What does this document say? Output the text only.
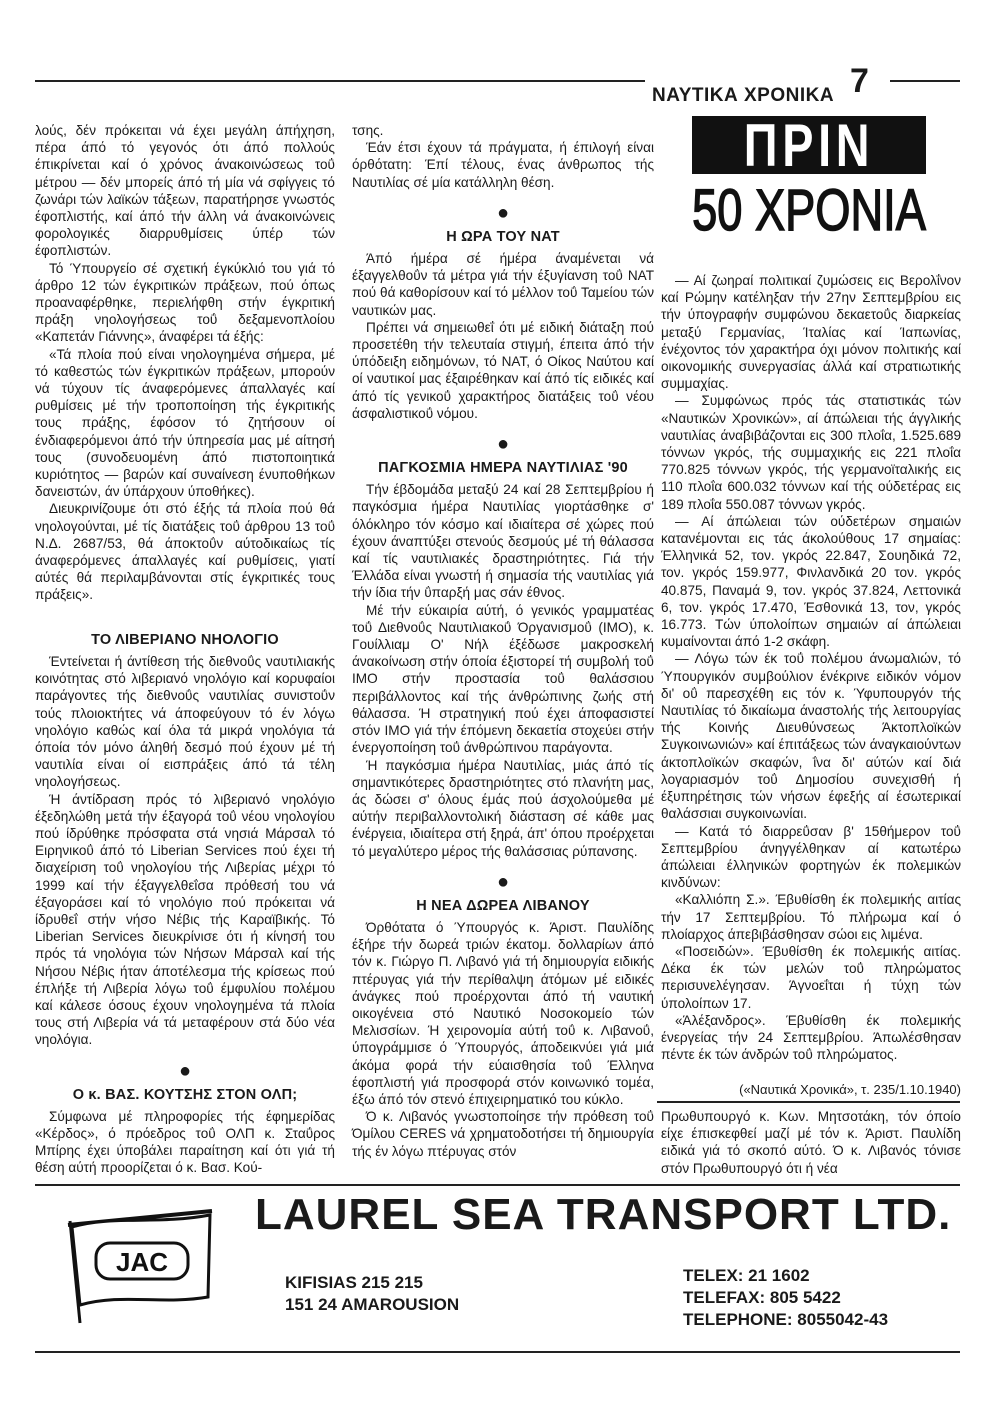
ΝΑΥΤΙΚΑ ΧΡΟΝΙΚΑ 7

λούς, δέν πρόκειται νά έχει μεγάλη άπήχηση, πέρα άπό τό γεγονός ότι άπό πολλούς έπικρίνεται καί ό χρόνος άνακοινώσεως τοΰ μέτρου — δέν μπορείς άπό τή μία νά σφίγγεις τό ζωνάρι τών λαϊκών τάξεων, παρατήρησε γνωστός έφοπλιστής, καί άπό τήν άλλη νά άνακοινώνεις φορολογικές διαρρυθμίσεις ύπέρ τών έφοπλιστών.

Τό Ύπουργείο σέ σχετική έγκύκλιό του γιά τό άρθρο 12 τών έγκριτικών πράξεων, πού όπως προαναφέρθηκε, περιελήφθη στήν έγκριτική πράξη νηολογήσεως τοΰ δεξαμενοπλοίου «Καπετάν Γιάννης», άναφέρει τά έξής:

«Τά πλοία πού είναι νηολογημένα σήμερα, μέ τό καθεστώς τών έγκριτικών πράξεων, μπορούν νά τύχουν τίς άναφερόμενες άπαλλαγές καί ρυθμίσεις μέ τήν τροποποίηση τής έγκριτικής τους πράξης, έφόσον τό ζητήσουν οί ένδιαφερόμενοι άπό τήν ύπηρεσία μας μέ αίτησή τους (συνοδευομένη άπό πιστοποιητικά κυριότητος — βαρών καί συναίνεση ένυποθήκων δανειστών, άν ύπάρχουν ύποθήκες).

Διευκρινίζουμε ότι στό έξής τά πλοία πού θά νηολογούνται, μέ τίς διατάξεις τοΰ άρθρου 13 τοΰ Ν.Δ. 2687/53, θά άποκτοΰν αύτοδικαίως τίς άναφερόμενες άπαλλαγές καί ρυθμίσεις, γιατί αύτές θά περιλαμβάνονται στίς έγκριτικές τους πράξεις».

ΤΟ ΛΙΒΕΡΙΑΝΟ ΝΗΟΛΟΓΙΟ

Έντείνεται ή άντίθεση τής διεθνοΰς ναυτιλιακής κοινότητας στό λιβεριανό νηολόγιο καί κορυφαίοι παράγοντες τής διεθνοΰς ναυτιλίας συνιστοΰν τούς πλοιοκτήτες νά άποφεύγουν τό έν λόγω νηολόγιο καθώς καί όλα τά μικρά νηολόγια τά όποία τόν μόνο άληθή δεσμό πού έχουν μέ τή ναυτιλία είναι οί εισπράξεις άπό τά τέλη νηολογήσεως.

Ή άντίδραση πρός τό λιβεριανό νηολόγιο έξεδηλώθη μετά τήν έξαγορά τοΰ νέου νηολογίου πού ίδρύθηκε πρόσφατα στά νησιά Μάρσαλ τό Ειρηνικοΰ άπό τό Liberian Services πού έχει τή διαχείριση τοΰ νηολογίου τής Λιβερίας μέχρι τό 1999 καί τήν έξαγγελθεΐσα πρόθεσή του νά έξαγοράσει καί τό νηολόγιο πού πρόκειται νά ίδρυθεΐ στήν νήσο Νέβις τής Καραϊβικής. Τό Liberian Services διευκρίνισε ότι ή κίνησή του πρός τά νηολόγια τών Νήσων Μάρσαλ καί τής Νήσου Νέβις ήταν άποτέλεσμα τής κρίσεως πού έπλήξε τή Λιβερία λόγω τοΰ έμφυλίου πολέμου καί κάλεσε όσους έχουν νηολογημένα τά πλοία τους στή Λιβερία νά τά μεταφέρουν στά δύο νέα νηολόγια.

●
Ο κ. ΒΑΣ. ΚΟΥΤΣΗΣ ΣΤΟΝ ΟΛΠ;

Σύμφωνα μέ πληροφορίες τής έφημερίδας «Κέρδος», ό πρόεδρος τοΰ ΟΛΠ κ. Σταΰρος Μπίρης έχει ύποβάλει παραίτηση καί ότι γιά τή θέση αύτή προορίζεται ό κ. Βασ. Κού-

τσης.

Έάν έτσι έχουν τά πράγματα, ή έπιλογή είναι όρθότατη: Έπί τέλους, ένας άνθρωπος τής Ναυτιλίας σέ μία κατάλληλη θέση.

●
Η ΩΡΑ ΤΟΥ ΝΑΤ

Άπό ήμέρα σέ ήμέρα άναμένεται νά έξαγγελθοΰν τά μέτρα γιά τήν έξυγίανση τοΰ ΝΑΤ πού θά καθορίσουν καί τό μέλλον τοΰ Ταμείου τών ναυτικών μας.

Πρέπει νά σημειωθεΐ ότι μέ ειδική διάταξη πού προσετέθη τήν τελευταία στιγμή, έπειτα άπό τήν ύπόδειξη ειδημόνων, τό ΝΑΤ, ό Οίκος Ναύτου καί οί ναυτικοί μας έξαιρέθηκαν καί άπό τίς ειδικές καί άπό τίς γενικοΰ χαρακτήρος διατάξεις τοΰ νέου άσφαλιστικοΰ νόμου.

●
ΠΑΓΚΟΣΜΙΑ ΗΜΕΡΑ ΝΑΥΤΙΛΙΑΣ '90

Τήν έβδομάδα μεταξύ 24 καί 28 Σεπτεμβρίου ή παγκόσμια ήμέρα Ναυτιλίας γιορτάσθηκε σ' όλόκληρο τόν κόσμο καί ιδιαίτερα σέ χώρες πού έχουν άναπτύξει στενούς δεσμούς μέ τή θάλασσα καί τίς ναυτιλιακές δραστηριότητες. Γιά τήν Έλλάδα είναι γνωστή ή σημασία τής ναυτιλίας γιά τήν ίδια τήν ΰπαρξή μας σάν έθνος.

Μέ τήν εύκαιρία αύτή, ό γενικός γραμματέας τοΰ Διεθνοΰς Ναυτιλιακοΰ Όργανισμοΰ (ΙΜΟ), κ. Γουίλλιαμ Ο' Νήλ έξέδωσε μακροσκελή άνακοίνωση στήν όποία έξιστορεί τή συμβολή τοΰ ΙΜΟ στήν προστασία τοΰ θαλάσσιου περιβάλλοντος καί τής άνθρώπινης ζωής στή θάλασσα. Ή στρατηγική πού έχει άποφασιστεί στόν ΙΜΟ γιά τήν έπόμενη δεκαετία στοχεύει στήν ένεργοποίηση τοΰ άνθρώπινου παράγοντα.

Ή παγκόσμια ήμέρα Ναυτιλίας, μιάς άπό τίς σημαντικότερες δραστηριότητες στό πλανήτη μας, άς δώσει σ' όλους έμάς πού άσχολούμεθα μέ αύτήν περιβαλλοντολική διάσταση σέ κάθε μας ένέργεια, ιδιαίτερα στή ξηρά, άπ' όπου προέρχεται τό μεγαλύτερο μέρος τής θαλάσσιας ρύπανσης.

●
Η ΝΕΑ ΔΩΡΕΑ ΛΙΒΑΝΟΥ

Όρθότατα ό Ύπουργός κ. Άριστ. Παυλίδης έξήρε τήν δωρεά τριών έκατομ. δολλαρίων άπό τόν κ. Γιώργο Π. Λιβανό γιά τή δημιουργία ειδικής πτέρυγας γιά τήν περίθαλψη άτόμων μέ ειδικές άνάγκες πού προέρχονται άπό τή ναυτική οικογένεια στό Ναυτικό Νοσοκομείο τών Μελισσίων. Ή χειρονομία αύτή τοΰ κ. Λιβανοΰ, ύπογράμμισε ό Ύπουργός, άποδεικνύει γιά μιά άκόμα φορά τήν εύαισθησία τοΰ Έλληνα έφοπλιστή γιά προσφορά στόν κοινωνικό τομέα, έξω άπό τόν στενό έπιχειρηματικό του κύκλο.

Ό κ. Λιβανός γνωστοποίησε τήν πρόθεση τοΰ Όμίλου CERES νά χρηματοδοτήσει τή δημιουργία τής έν λόγω πτέρυγας στόν

ΠΡΙΝ
50 ΧΡΟΝΙΑ

— Αί ζωηραί πολιτικαί ζυμώσεις εις Βερολΐνον καί Ρώμην κατέληξαν τήν 27ην Σεπτεμβρίου εις τήν ύπογραφήν συμφώνου δεκαετοΰς διαρκείας μεταξύ Γερμανίας, Ίταλίας καί Ίαπωνίας, ένέχοντος τόν χαρακτήρα όχι μόνον πολιτικής καί οικονομικής συνεργασίας άλλά καί στρατιωτικής συμμαχίας.

— Συμφώνως πρός τάς στατιστικάς τών «Ναυτικών Χρονικών», αί άπώλειαι τής άγγλικής ναυτιλίας άναβιβάζονται εις 300 πλοΐα, 1.525.689 τόννων γκρός, τής συμμαχικής εις 221 πλοΐα 770.825 τόννων γκρός, τής γερμανοϊταλικής εις 110 πλοΐα 600.032 τόννων καί τής ούδετέρας εις 189 πλοΐα 550.087 τόννων γκρός.

— Αί άπώλειαι τών ούδετέρων σημαιών κατανέμονται εις τάς άκολούθους 17 σημαίας: Έλληνικά 52, τον. γκρός 22.847, Σουηδικά 72, τον. γκρός 159.977, Φινλανδικά 20 τον. γκρός 40.875, Παναμά 9, τον. γκρός 37.824, Λεττονικά 6, τον. γκρός 17.470, Έσθονικά 13, τον, γκρός 16.773. Τών ύπολοίπων σημαιών αί άπώλειαι κυμαίνονται άπό 1-2 σκάφη.

— Λόγω τών έκ τοΰ πολέμου άνωμαλιών, τό Ύπουργικόν συμβούλιον ένέκρινε ειδικόν νόμον δι' οΰ παρεσχέθη εις τόν κ. Ύφυπουργόν τής Ναυτιλίας τό δικαίωμα άναστολής τής λειτουργίας τής Κοινής Διευθύνσεως Άκτοπλοϊκών Συγκοινωνιών» καί έπιτάξεως τών άναγκαιούντων άκτοπλοϊκών σκαφών, ΐνα δι' αύτών καί διά λογαριασμόν τοΰ Δημοσίου συνεχισθή ή έξυπηρέτησις τών νήσων έφεξής αί έσωτερικαί θαλάσσιαι συγκοινωνίαι.

— Κατά τό διαρρεΰσαν β' 15θήμερον τοΰ Σεπτεμβρίου άνηγγέλθηκαν αί κατωτέρω άπώλειαι έλληνικών φορτηγών έκ πολεμικών κινδύνων:

«Καλλιόπη Σ.». Έβυθίσθη έκ πολεμικής αιτίας τήν 17 Σεπτεμβρίου. Τό πλήρωμα καί ό πλοίαρχος άπεβιβάσθησαν σώοι εις λιμένα.

«Ποσειδών». Έβυθίσθη έκ πολεμικής αιτίας. Δέκα έκ τών μελών τοΰ πληρώματος περισυνελέγησαν. Άγνοεΐται ή τύχη τών ύπολοίπων 17.

«Άλέξανδρος». Έβυθίσθη έκ πολεμικής ένεργείας τήν 24 Σεπτεμβρίου. Άπωλέσθησαν πέντε έκ τών άνδρών τοΰ πληρώματος.

(«Ναυτικά Χρονικά», τ. 235/1.10.1940)

Πρωθυπουργό κ. Κων. Μητσοτάκη, τόν όποίο είχε έπισκεφθεί μαζί μέ τόν κ. Άριστ. Παυλίδη ειδικά γιά τό σκοπό αύτό. Ό κ. Λιβανός τόνισε στόν Πρωθυπουργό ότι ή νέα

JAC
LAUREL SEA TRANSPORT LTD.
KIFISIAS 215 215
151 24 AMAROUSION
TELEX: 21 1602
TELEFAX: 805 5422
TELEPHONE: 8055042-43
